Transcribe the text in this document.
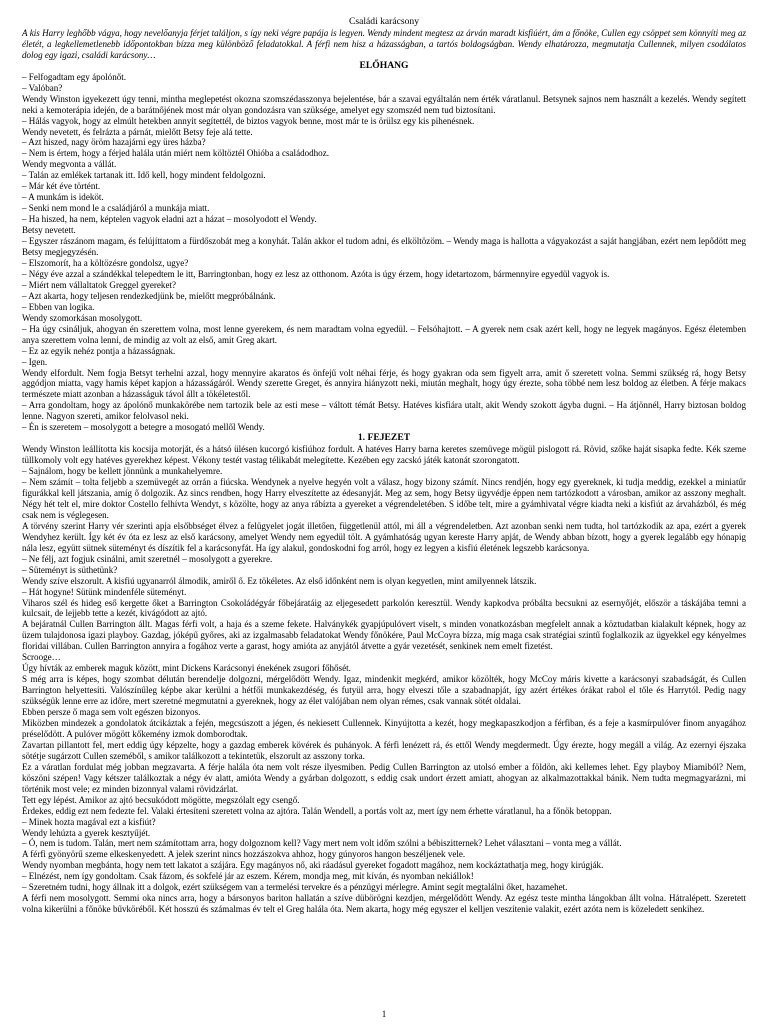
Családi karácsony

A kis Harry leghőbb vágya, hogy nevelőanyja férjet találjon, s így neki végre papája is legyen. Wendy mindent megtesz az árván maradt kisfiúért, ám a főnöke, Cullen egy csöppet sem könnyíti meg az életét, a legkellemetlenebb időpontokban bízza meg különböző feladatokkal. A férfi nem hisz a házasságban, a tartós boldogságban. Wendy elhatározza, megmutatja Cullennek, milyen csodálatos dolog egy igazi, családi karácsony…

ELŐHANG

– Felfogadtam egy ápolónőt.

– Valóban?

Wendy Winston igyekezett úgy tenni, mintha meglepetést okozna szomszédasszonya bejelentése, bár a szavai egyáltalán nem érték váratlanul. Betsynek sajnos nem használt a kezelés. Wendy segített neki a kemoterápia idején, de a barátnőjének most már olyan gondozásra van szüksége, amelyet egy szomszéd nem tud biztosítani.

– Hálás vagyok, hogy az elmúlt hetekben annyit segítettél, de biztos vagyok benne, most már te is örülsz egy kis pihenésnek.

Wendy nevetett, és felrázta a párnát, mielőtt Betsy feje alá tette.

– Azt hiszed, nagy öröm hazajárni egy üres házba?

– Nem is értem, hogy a férjed halála után miért nem költöztél Ohióba a családodhoz.

Wendy megvonta a vállát.

– Talán az emlékek tartanak itt. Idő kell, hogy mindent feldolgozni.

– Már két éve történt.

– A munkám is ideköt.

– Senki nem mond le a családjáról a munkája miatt.

– Ha hiszed, ha nem, képtelen vagyok eladni azt a házat – mosolyodott el Wendy.

Betsy nevetett.

– Egyszer rászánom magam, és felújíttatom a fürdőszobát meg a konyhát. Talán akkor el tudom adni, és elköltözöm. – Wendy maga is hallotta a vágyakozást a saját hangjában, ezért nem lepődött meg Betsy megjegyzésén.

– Elszomorít, ha a költözésre gondolsz, ugye?

– Négy éve azzal a szándékkal telepedtem le itt, Barringtonban, hogy ez lesz az otthonom. Azóta is úgy érzem, hogy idetartozom, bármennyire egyedül vagyok is.

– Miért nem vállaltatok Greggel gyereket?

– Azt akarta, hogy teljesen rendezkedjünk be, mielőtt megpróbálnánk.

– Ebben van logika.

Wendy szomorkásan mosolygott.

– Ha úgy csináljuk, ahogyan én szerettem volna, most lenne gyerekem, és nem maradtam volna egyedül. – Felsóhajtott. – A gyerek nem csak azért kell, hogy ne legyek magányos. Egész életemben anya szerettem volna lenni, de mindig az volt az első, amit Greg akart.

– Ez az egyik nehéz pontja a házasságnak.

– Igen.

Wendy elfordult. Nem fogja Betsyt terhelni azzal, hogy mennyire akaratos és önfejű volt néhai férje, és hogy gyakran oda sem figyelt arra, amit ő szeretett volna. Semmi szükség rá, hogy Betsy aggódjon miatta, vagy hamis képet kapjon a házasságáról. Wendy szerette Greget, és annyira hiányzott neki, miután meghalt, hogy úgy érezte, soha többé nem lesz boldog az életben. A férje makacs természete miatt azonban a házasságuk távol állt a tökéletestől.

– Arra gondoltam, hogy az ápolónő munkakörébe nem tartozik bele az esti mese – váltott témát Betsy. Hatéves kisfiára utalt, akit Wendy szokott ágyba dugni. – Ha átjönnél, Harry biztosan boldog lenne. Nagyon szereti, amikor felolvasol neki.

– Én is szeretem – mosolygott a betegre a mosogató mellől Wendy.

1. FEJEZET

Wendy Winston leállította kis kocsija motorját, és a hátsó ülésen kucorgó kisfiúhoz fordult. A hatéves Harry barna keretes szemüvege mögül pislogott rá. Rövid, szőke haját sisapka fedte. Kék szeme tüllkomoly volt egy hatéves gyerekhez képest. Vékony testét vastag télikabát melegítette. Kezében egy zacskó játék katonát szorongatott.

– Sajnálom, hogy be kellett jönnünk a munkahelyemre.

– Nem számít – tolta feljebb a szemüvegét az orrán a fiúcska. Wendynek a nyelve hegyén volt a válasz, hogy bizony számít. Nincs rendjén, hogy egy gyereknek, ki tudja meddig, ezekkel a miniatűr figurákkal kell játszania, amíg ő dolgozik. Az sincs rendben, hogy Harry elveszítette az édesanyját. Meg az sem, hogy Betsy ügyvédje éppen nem tartózkodott a városban, amikor az asszony meghalt. Négy hét telt el, mire doktor Costello felhívta Wendyt, s közölte, hogy az anya rábízta a gyereket a végrendeletében. S időbe telt, mire a gyámhivatal végre kiadta neki a kisfiút az árvaházból, és még csak nem is véglegesen.

A törvény szerint Harry vér szerinti apja elsőbbséget élvez a felügyelet jogát illetően, függetlenül attól, mi áll a végrendeletben. Azt azonban senki nem tudta, hol tartózkodik az apa, ezért a gyerek Wendyhez került. Így két év óta ez lesz az első karácsony, amelyet Wendy nem egyedül tölt. A gyámhatóság ugyan kereste Harry apját, de Wendy abban bízott, hogy a gyerek legalább egy hónapig nála lesz, együtt sütnek süteményt és díszítik fel a karácsonyfát. Ha így alakul, gondoskodni fog arról, hogy ez legyen a kisfiú életének legszebb karácsonya.

– Ne félj, azt fogjuk csinálni, amit szeretnél – mosolygott a gyerekre.

– Süteményt is süthetünk?

Wendy szíve elszorult. A kisfiú ugyanarról álmodik, amiről ő. Ez tökéletes. Az első időnként nem is olyan kegyetlen, mint amilyennek látszik.

– Hát hogyne! Sütünk mindenféle süteményt.

Viharos szél és hideg eső kergette őket a Barrington Csokoládégyár főbejáratáig az eljegesedett parkolón keresztül. Wendy kapkodva próbálta becsukni az esernyőjét, először a táskájába temni a kulcsait, de lejjebb tette a kezét, kivágódott az ajtó.

A bejáratnál Cullen Barrington állt. Magas férfi volt, a haja és a szeme fekete. Halványkék gyapjúpulóvert viselt, s minden vonatkozásban megfelelt annak a köztudatban kialakult képnek, hogy az üzem tulajdonosa igazi playboy. Gazdag, jóképű győres, aki az izgalmasabb feladatokat Wendy főnökére, Paul McCoyra bízza, míg maga csak stratégiai szintű foglalkozik az ügyekkel egy kényelmes floridai villában. Cullen Barrington annyira a fogához verte a garast, hogy amióta az anyjától átvette a gyár vezetését, senkinek nem emelt fizetést.

Scrooge…

Úgy hívták az emberek maguk között, mint Dickens Karácsonyi énekének zsugori főhősét.

S még arra is képes, hogy szombat délután berendelje dolgozni, mérgelődött Wendy. Igaz, mindenkit megkérd, amikor közölték, hogy McCoy máris kivette a karácsonyi szabadságát, és Cullen Barrington helyettesíti. Valószínűleg képbe akar kerülni a hétfői munkakezdéség, és futyül arra, hogy elveszi tőle a szabadnapját, így azért értékes órákat rabol el tőle és Harrytól. Pedig nagy szükségük lenne erre az időre, mert szeretné megmutatni a gyereknek, hogy az élet valójában nem olyan rémes, csak vannak sötét oldalai.

Ebben persze ő maga sem volt egészen bizonyos.

Miközben mindezek a gondolatok átcikáztak a fején, megcsúszott a jégen, és nekiesett Cullennek. Kinyújtotta a kezét, hogy megkapaszkodjon a férfiban, és a feje a kasmírpulóver finom anyagához préselődött. A pulóver mögött kőkemény izmok domborodtak.

Zavartan pillantott fel, mert eddig úgy képzelte, hogy a gazdag emberek kövérek és puhányok. A férfi lenézett rá, és ettől Wendy megdermedt. Úgy érezte, hogy megáll a világ. Az ezernyi éjszaka sötétje sugárzott Cullen szeméből, s amikor találkozott a tekintetük, elszorult az asszony torka.

Ez a váratlan fordulat még jobban megzavarta. A férje halála óta nem volt része ilyesmiben. Pedig Cullen Barrington az utolsó ember a földön, aki kellemes lehet. Egy playboy Miamiból? Nem, köszöni szépen! Vagy kétszer találkoztak a négy év alatt, amióta Wendy a gyárban dolgozott, s eddig csak undort érzett amiatt, ahogyan az alkalmazottakkal bánik. Nem tudta megmagyarázni, mi történik most vele; ez minden bizonnyal valami rövidzárlat.

Tett egy lépést. Amikor az ajtó becsukódott mögötte, megszólalt egy csengő.

Érdekes, eddig ezt nem fedezte fel. Valaki értesíteni szeretett volna az ajtóra. Talán Wendell, a portás volt az, mert így nem érhette váratlanul, ha a főnök betoppan.

– Minek hozta magával ezt a kisfiút?

Wendy lehúzta a gyerek kesztyűjét.

– Ó, nem is tudom. Talán, mert nem számítottam arra, hogy dolgoznom kell? Vagy mert nem volt időm szólni a bébiszitternek? Lehet választani – vonta meg a vállát.

A férfi gyönyörű szeme elkeskenyedett. A jelek szerint nincs hozzászokva ahhoz, hogy gúnyoros hangon beszéljenek vele.

Wendy nyomban megbánta, hogy nem tett lakatot a szájára. Egy magányos nő, aki ráadásul gyereket fogadott magához, nem kockáztathatja meg, hogy kirúgják.

– Elnézést, nem így gondoltam. Csak fázom, és sokfelé jár az eszem. Kérem, mondja meg, mit kíván, és nyomban nekiállok!

– Szeretném tudni, hogy állnak itt a dolgok, ezért szükségem van a termelési tervekre és a pénzügyi mérlegre. Amint segít megtalálni őket, hazamehet.

A férfi nem mosolygott. Semmi oka nincs arra, hogy a bársonyos bariton hallatán a szíve dübörögni kezdjen, mérgelődött Wendy. Az egész teste mintha lángokban állt volna. Hátralépett. Szeretett volna kikerülni a főnöke bűvköréből. Két hosszú és számalmas év telt el Greg halála óta. Nem akarta, hogy még egyszer el kelljen veszítenie valakit, ezért azóta nem is közeledett senkihez.

1
